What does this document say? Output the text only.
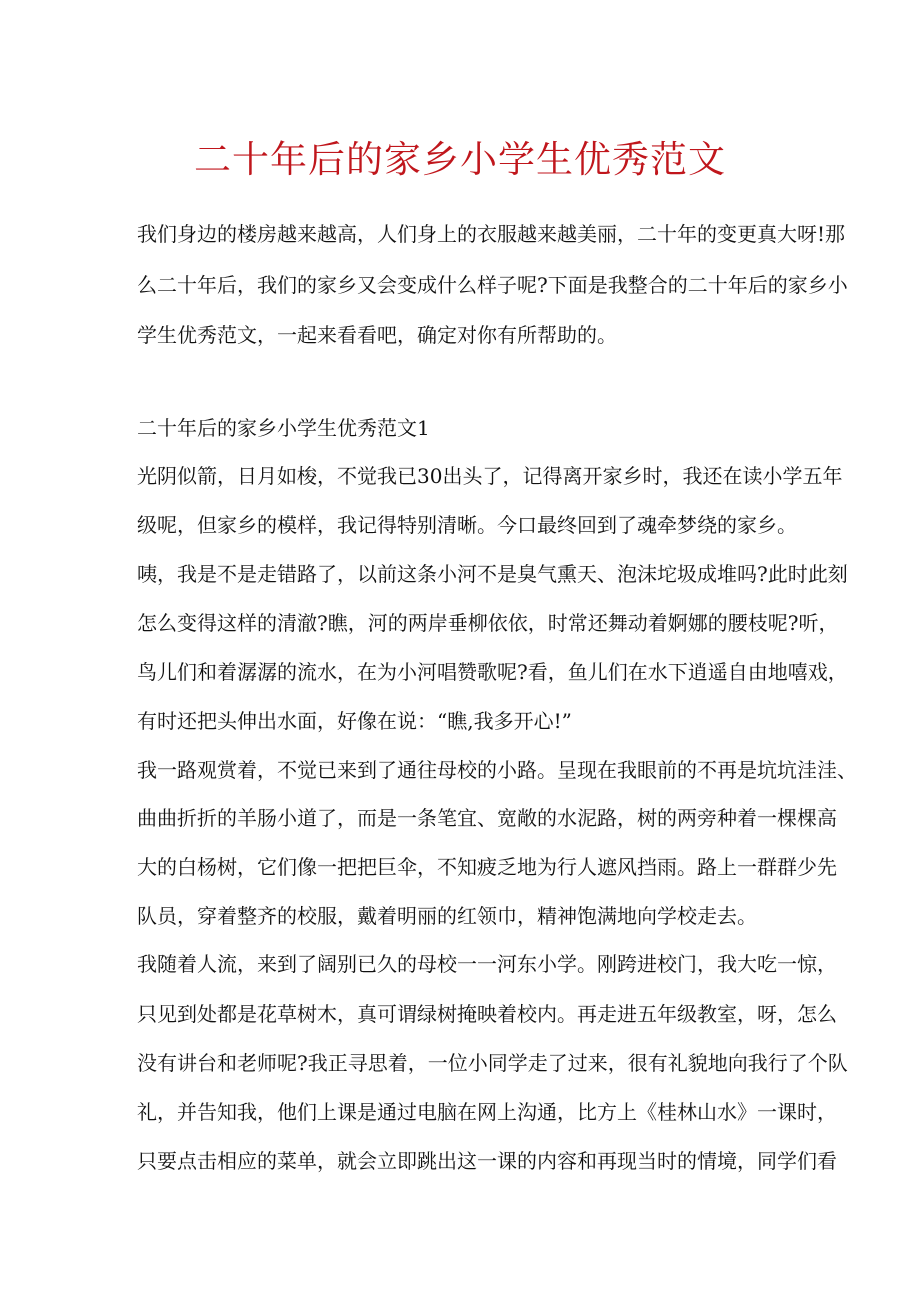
二十年后的家乡小学生优秀范文

我们身边的楼房越来越高，人们身上的衣服越来越美丽，二十年的变更真大呀!那

么二十年后，我们的家乡又会变成什么样子呢?下面是我整合的二十年后的家乡小

学生优秀范文，一起来看看吧，确定对你有所帮助的。

二十年后的家乡小学生优秀范文1

光阴似箭，日月如梭，不觉我已30出头了，记得离开家乡时，我还在读小学五年

级呢，但家乡的模样，我记得特别清晰。今口最终回到了魂牵梦绕的家乡。

咦，我是不是走错路了，以前这条小河不是臭气熏天、泡沫坨圾成堆吗?此时此刻

怎么变得这样的清澈?瞧，河的两岸垂柳依依，时常还舞动着婀娜的腰枝呢?听，

鸟儿们和着潺潺的流水，在为小河唱赞歌呢?看，鱼儿们在水下逍遥自由地嘻戏，

有时还把头伸出水面，好像在说：“瞧,我多开心!”

我一路观赏着，不觉已来到了通往母校的小路。呈现在我眼前的不再是坑坑洼洼、

曲曲折折的羊肠小道了，而是一条笔宜、宽敞的水泥路，树的两旁种着一棵棵高

大的白杨树，它们像一把把巨伞，不知疲乏地为行人遮风挡雨。路上一群群少先

队员，穿着整齐的校服，戴着明丽的红领巾，精神饱满地向学校走去。

我随着人流，来到了阔别已久的母校一一河东小学。刚跨进校门，我大吃一惊，

只见到处都是花草树木，真可谓绿树掩映着校内。再走进五年级教室，呀，怎么

没有讲台和老师呢?我正寻思着，一位小同学走了过来，很有礼貌地向我行了个队

礼，并告知我，他们上课是通过电脑在网上沟通，比方上《桂林山水》一课时，

只要点击相应的菜单，就会立即跳出这一课的内容和再现当时的情境，同学们看
